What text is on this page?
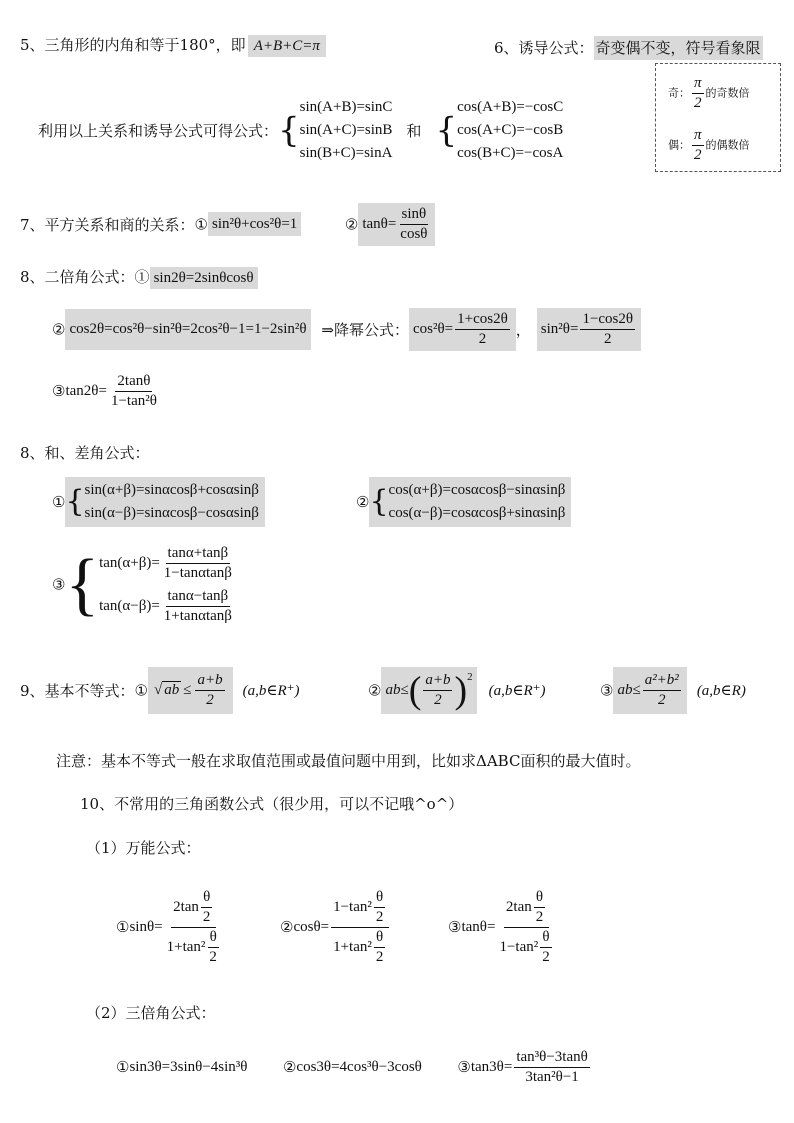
5、三角形的内角和等于180°，即 A+B+C=π
利用以上关系和诱导公式可得公式：{
sin(A+B)=sinC
sin(A+C)=sinB
sin(B+C)=sinA
和 {
cos(A+B)=−cosC
cos(A+C)=−cosB
cos(B+C)=−cosA
6、诱导公式： 奇变偶不变，符号看象限
奇： $\frac{\pi}{2}$ 的奇数倍
偶： $\frac{\pi}{2}$ 的偶数倍
7、平方关系和商的关系：① sin²θ+cos²θ=1	② $\tan\theta= \frac{\sin\theta}{\cos\theta}$
8、二倍角公式：① sin2θ=2sinθcosθ
② cos2θ=cos²θ−sin²θ=2cos²θ−1=1−2sin²θ ⇒降幂公式： $\cos^2\theta= \frac{1+\cos 2\theta}{2}$ ， $\sin^2\theta= \frac{1-\cos 2\theta}{2}$
③tan2θ= $\frac{2\tan\theta}{\text{1−tan²θ}}$
8、和、差角公式：
①{ sin(α+β)=sinαcosβ+cosαsinβ
sin(α−β)=sinαcosβ−cosαsinβ
②{ cos(α+β)=cosαcosβ−sinαsinβ
cos(α−β)=cosαcosβ+sinαsinβ
③{ $\tan(\alpha+\beta)= \frac{\tan\alpha+\tan\beta}{1-\tan\alpha\tan\beta}$
$\tan(\alpha-\beta)= \frac{\tan\alpha-\tan\beta}{1+\tan\alpha\tan\beta}$
9、基本不等式：① √ ab ≤ $\frac{a+b}{2}$ (a,b∈R⁺)	② $ab\le( \frac{a+b}{2}$ )$^2(a,b\in R^+)$	③ $ab\le \frac{\text{a²+b²}}{2}$ (a,b∈R)
注意：基本不等式一般在求取值范围或最值问题中用到，比如求ΔABC面积的最大值时。
10、不常用的三角函数公式（很少用，可以不记哦^o^）
（1）万能公式：
①sinθ= $\frac{2\tan \frac{\theta}{2}}{1+\tan^2 \frac{\theta}{2}}$	②cosθ= $\frac{1-\tan^2 \frac{\theta}{2}}{1+\tan^2 \frac{\theta}{2}}$	③tanθ= $\frac{2\tan \frac{\theta}{2}}{1-\tan^2 \frac{\theta}{2}}$
（2）三倍角公式：
①sin3θ=3sinθ−4sin³θ ②cos3θ=4cos³θ−3cosθ ③tan3θ= $\frac{\text{tan³θ−3tanθ}}{\text{3tan²θ−1}}$
